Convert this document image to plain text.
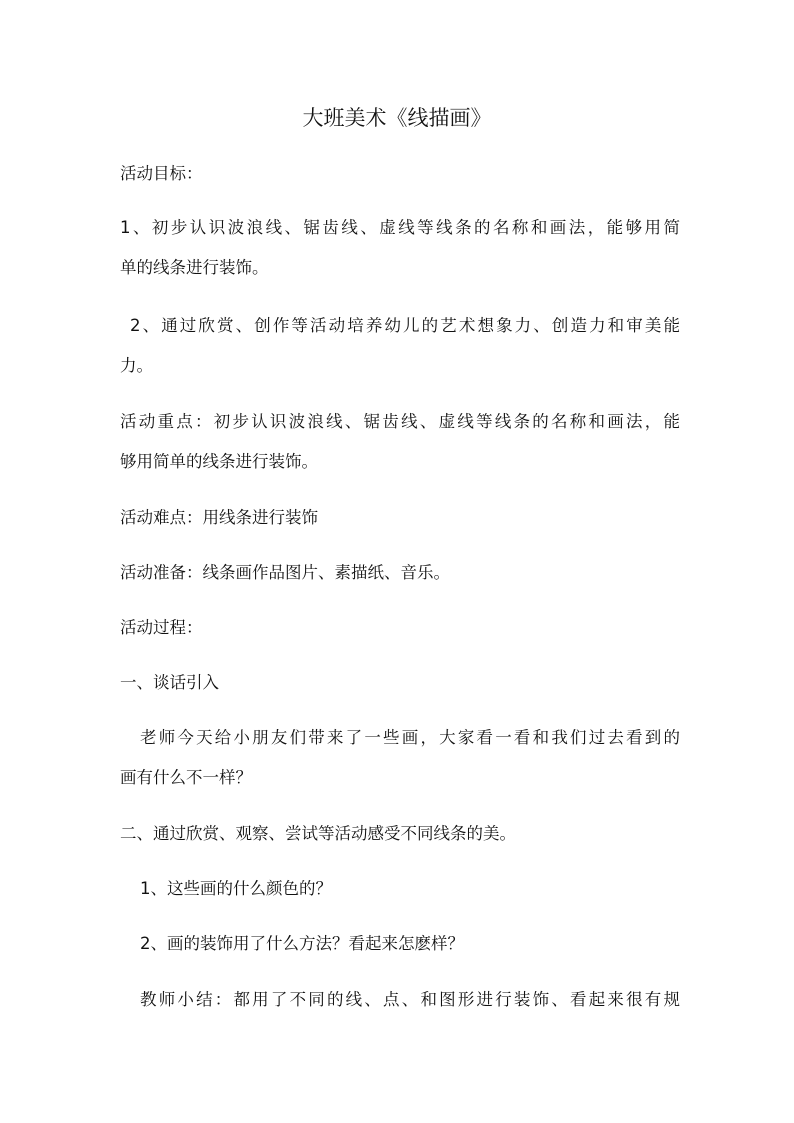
大班美术《线描画》
活动目标：
1、初步认识波浪线、锯齿线、虚线等线条的名称和画法，能够用简
单的线条进行装饰。
2、通过欣赏、创作等活动培养幼儿的艺术想象力、创造力和审美能
力。
活动重点：初步认识波浪线、锯齿线、虚线等线条的名称和画法，能
够用简单的线条进行装饰。
活动难点：用线条进行装饰
活动准备：线条画作品图片、素描纸、音乐。
活动过程：
一、谈话引入
老师今天给小朋友们带来了一些画，大家看一看和我们过去看到的
画有什么不一样？
二、通过欣赏、观察、尝试等活动感受不同线条的美。
1、这些画的什么颜色的？
2、画的装饰用了什么方法？看起来怎麽样？
教师小结：都用了不同的线、点、和图形进行装饰、看起来很有规
